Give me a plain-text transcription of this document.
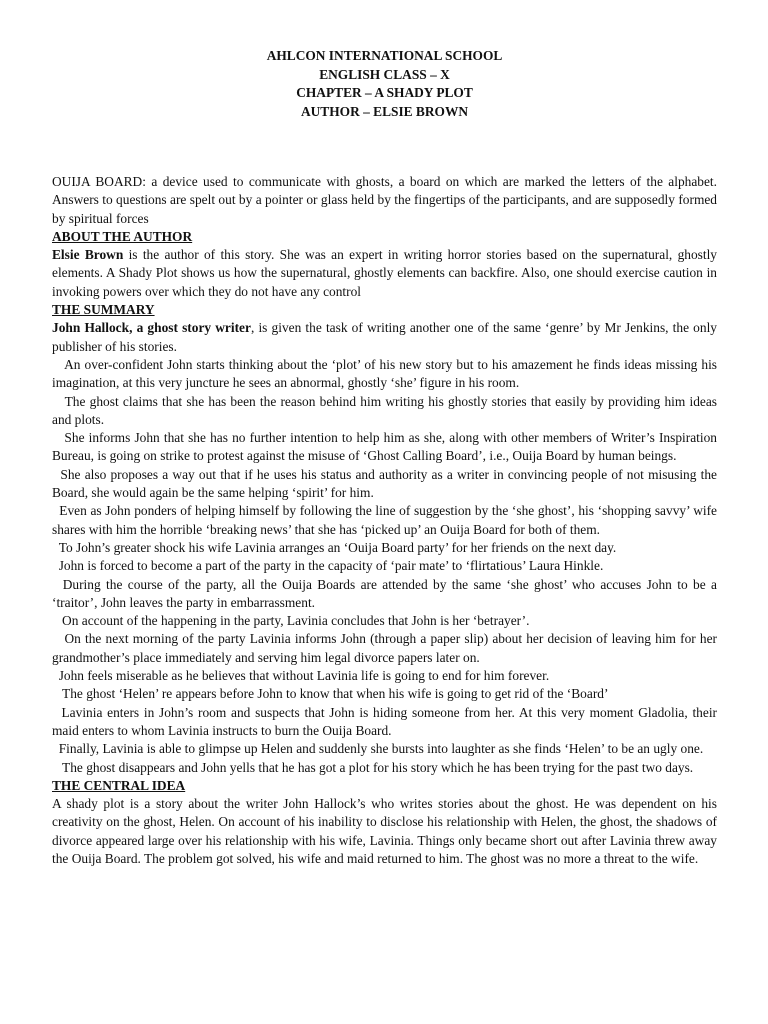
AHLCON INTERNATIONAL SCHOOL
ENGLISH CLASS – X
CHAPTER – A SHADY PLOT
AUTHOR – ELSIE BROWN

OUIJA BOARD: a device used to communicate with ghosts, a board on which are marked the letters of the alphabet. Answers to questions are spelt out by a pointer or glass held by the fingertips of the participants, and are supposedly formed by spiritual forces

ABOUT THE AUTHOR

Elsie Brown is the author of this story. She was an expert in writing horror stories based on the supernatural, ghostly elements. A Shady Plot shows us how the supernatural, ghostly elements can backfire. Also, one should exercise caution in invoking powers over which they do not have any control

THE SUMMARY

John Hallock, a ghost story writer, is given the task of writing another one of the same ‘genre’ by Mr Jenkins, the only publisher of his stories.

An over-confident John starts thinking about the ‘plot’ of his new story but to his amazement he finds ideas missing his imagination, at this very juncture he sees an abnormal, ghostly ‘she’ figure in his room.

The ghost claims that she has been the reason behind him writing his ghostly stories that easily by providing him ideas and plots.

She informs John that she has no further intention to help him as she, along with other members of Writer’s Inspiration Bureau, is going on strike to protest against the misuse of ‘Ghost Calling Board’, i.e., Ouija Board by human beings.

She also proposes a way out that if he uses his status and authority as a writer in convincing people of not misusing the Board, she would again be the same helping ‘spirit’ for him.

Even as John ponders of helping himself by following the line of suggestion by the ‘she ghost’, his ‘shopping savvy’ wife shares with him the horrible ‘breaking news’ that she has ‘picked up’ an Ouija Board for both of them.

To John’s greater shock his wife Lavinia arranges an ‘Ouija Board party’ for her friends on the next day.

John is forced to become a part of the party in the capacity of ‘pair mate’ to ‘flirtatious’ Laura Hinkle.

During the course of the party, all the Ouija Boards are attended by the same ‘she ghost’ who accuses John to be a ‘traitor’, John leaves the party in embarrassment.

On account of the happening in the party, Lavinia concludes that John is her ‘betrayer’.

On the next morning of the party Lavinia informs John (through a paper slip) about her decision of leaving him for her grandmother’s place immediately and serving him legal divorce papers later on.

John feels miserable as he believes that without Lavinia life is going to end for him forever.

The ghost ‘Helen’ re appears before John to know that when his wife is going to get rid of the ‘Board’

Lavinia enters in John’s room and suspects that John is hiding someone from her. At this very moment Gladolia, their maid enters to whom Lavinia instructs to burn the Ouija Board.

Finally, Lavinia is able to glimpse up Helen and suddenly she bursts into laughter as she finds ‘Helen’ to be an ugly one.

The ghost disappears and John yells that he has got a plot for his story which he has been trying for the past two days.

THE CENTRAL IDEA

A shady plot is a story about the writer John Hallock’s who writes stories about the ghost. He was dependent on his creativity on the ghost, Helen. On account of his inability to disclose his relationship with Helen, the ghost, the shadows of divorce appeared large over his relationship with his wife, Lavinia. Things only became short out after Lavinia threw away the Ouija Board. The problem got solved, his wife and maid returned to him. The ghost was no more a threat to the wife.
